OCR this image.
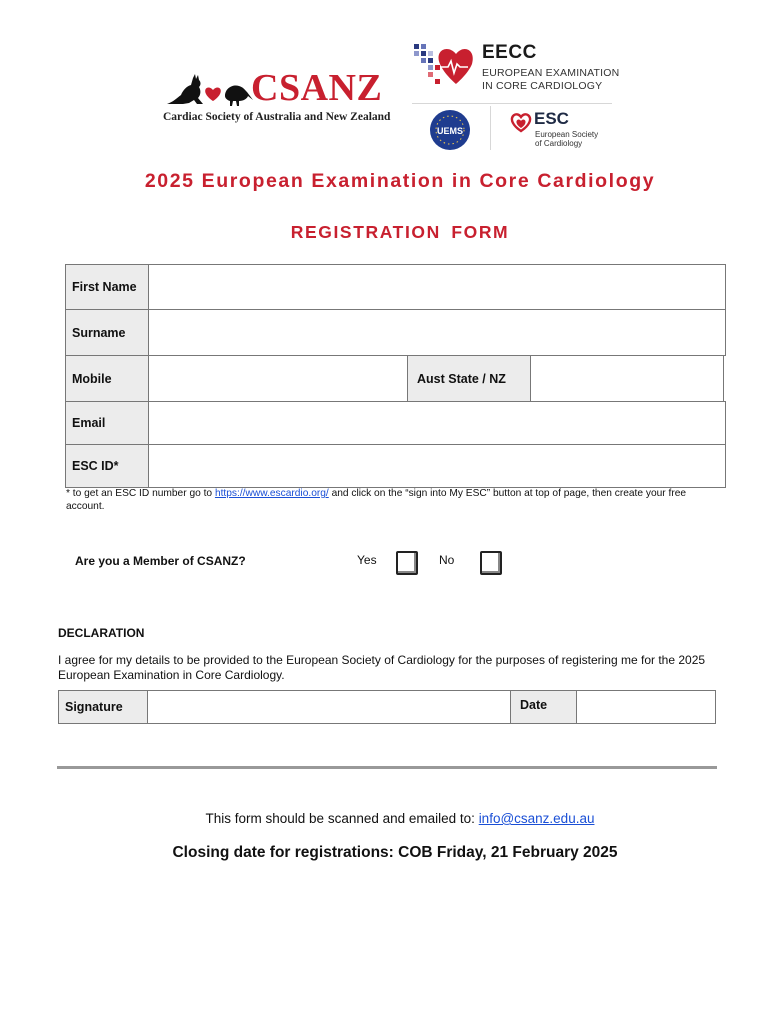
CSANZ
Cardiac Society of Australia and New Zealand
EECC
EUROPEAN EXAMINATION
IN CORE CARDIOLOGY
UEMS
ESC
European Society
of Cardiology
2025 European Examination in Core Cardiology
REGISTRATION FORM
First Name
Surname
Mobile	Aust State / NZ
Email
ESC ID*
* to get an ESC ID number go to https://www.escardio.org/ and click on the “sign into My ESC” button at top of page, then create your free account.
Are you a Member of CSANZ?	Yes	No
DECLARATION
I agree for my details to be provided to the European Society of Cardiology for the purposes of registering me for the 2025 European Examination in Core Cardiology.
Signature	Date
This form should be scanned and emailed to: info@csanz.edu.au
Closing date for registrations: COB Friday, 21 February 2025
